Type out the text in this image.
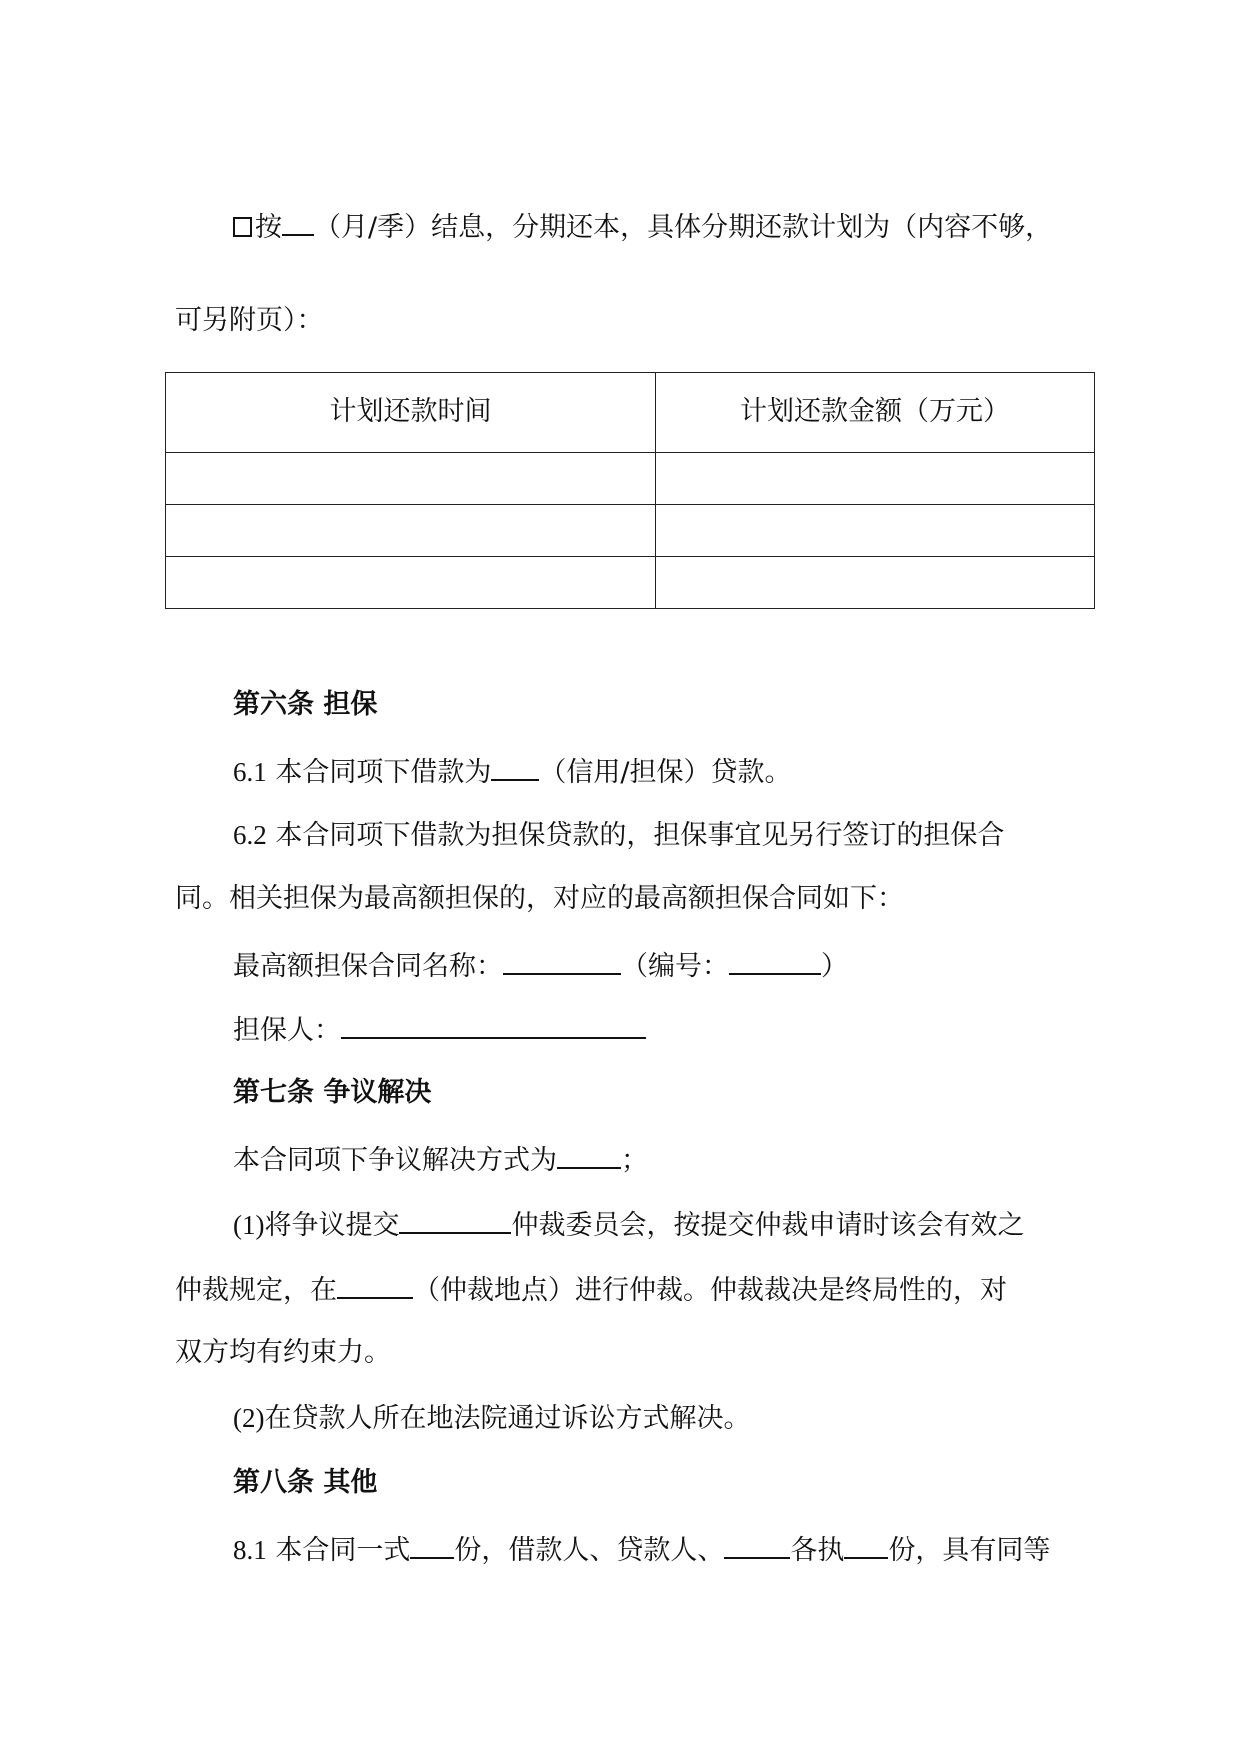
按 （月/季）结息，分期还本，具体分期还款计划为（内容不够，
可另附页）：
计划还款时间	计划还款金额（万元）

第六条 担保
6.1 本合同项下借款为 （信用/担保）贷款。
6.2 本合同项下借款为担保贷款的，担保事宜见另行签订的担保合
同。相关担保为最高额担保的，对应的最高额担保合同如下：
最高额担保合同名称：	（编号：	）
担保人：
第七条 争议解决
本合同项下争议解决方式为 ；
(1)将争议提交	仲裁委员会，按提交仲裁申请时该会有效之
仲裁规定，在	（仲裁地点）进行仲裁。仲裁裁决是终局性的，对
双方均有约束力。
(2)在贷款人所在地法院通过诉讼方式解决。
第八条 其他
8.1 本合同一式 份，借款人、贷款人、 各执 份，具有同等
